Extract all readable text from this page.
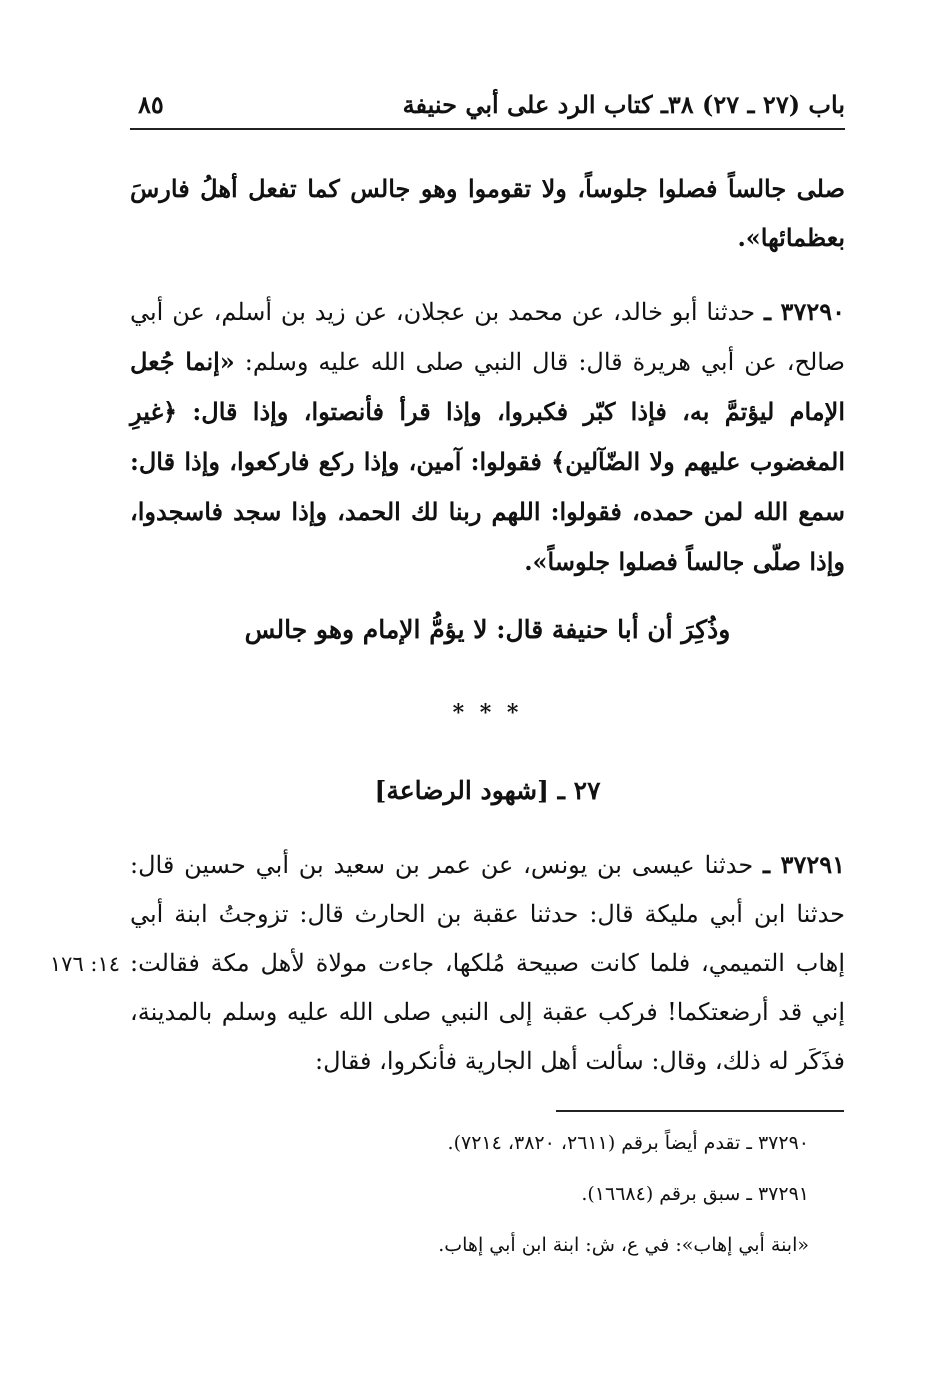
باب (٢٧ ـ ٢٧) ٣٨ـ كتاب الرد على أبي حنيفة
٨٥
صلى جالساً فصلوا جلوساً، ولا تقوموا وهو جالس كما تفعل أهلُ فارسَ بعظمائها».
٣٧٢٩٠ ـ حدثنا أبو خالد، عن محمد بن عجلان، عن زيد بن أسلم، عن أبي صالح، عن أبي هريرة قال: قال النبي صلى الله عليه وسلم: «إنما جُعل الإمام ليؤتمَّ به، فإذا كبّر فكبروا، وإذا قرأ فأنصتوا، وإذا قال: ﴿غيرِ المغضوب عليهم ولا الضّآلين﴾ فقولوا: آمين، وإذا ركع فاركعوا، وإذا قال: سمع الله لمن حمده، فقولوا: اللهم ربنا لك الحمد، وإذا سجد فاسجدوا، وإذا صلّى جالساً فصلوا جلوساً».
وذُكِرَ أن أبا حنيفة قال: لا يؤمُّ الإمام وهو جالس
* * *
٢٧ ـ [شهود الرضاعة]
٣٧٢٩١ ـ حدثنا عيسى بن يونس، عن عمر بن سعيد بن أبي حسين قال: حدثنا ابن أبي مليكة قال: حدثنا عقبة بن الحارث قال: تزوجتُ ابنة أبي إهاب التميمي، فلما كانت صبيحة مُلكها، جاءت مولاة لأهل مكة فقالت: إني قد أرضعتكما! فركب عقبة إلى النبي صلى الله عليه وسلم بالمدينة، فذَكَر له ذلك، وقال: سألت أهل الجارية فأنكروا، فقال:
١٤: ١٧٦
٣٧٢٩٠ ـ تقدم أيضاً برقم (٢٦١١، ٣٨٢٠، ٧٢١٤).
٣٧٢٩١ ـ سبق برقم (١٦٦٨٤).
«ابنة أبي إهاب»: في ع، ش: ابنة ابن أبي إهاب.
